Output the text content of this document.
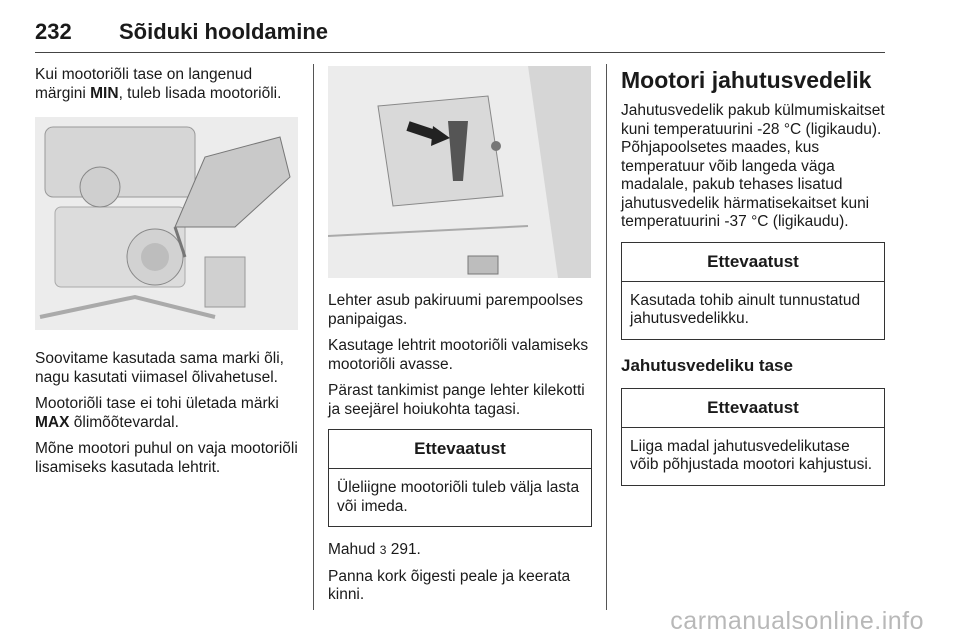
232 Sõiduki hooldamine

Kui mootoriõli tase on langenud märgini MIN, tuleb lisada mootoriõli.

Soovitame kasutada sama marki õli, nagu kasutati viimasel õlivahetusel.

Mootoriõli tase ei tohi ületada märki MAX õlimõõtevardal.

Mõne mootori puhul on vaja mootoriõli lisamiseks kasutada lehtrit.

Lehter asub pakiruumi parempoolses panipaigas.

Kasutage lehtrit mootoriõli valamiseks mootoriõli avasse.

Pärast tankimist pange lehter kilekotti ja seejärel hoiukohta tagasi.

Ettevaatust
Üleliigne mootoriõli tuleb välja lasta või imeda.

Mahud 3 291.

Panna kork õigesti peale ja keerata kinni.

Mootori jahutusvedelik

Jahutusvedelik pakub külmumiskaitset kuni temperatuurini -28 °C (ligikaudu). Põhjapoolsetes maades, kus temperatuur võib langeda väga madalale, pakub tehases lisatud jahutusvedelik härmatisekaitset kuni temperatuurini -37 °C (ligikaudu).

Ettevaatust
Kasutada tohib ainult tunnustatud jahutusvedelikku.
Jahutusvedeliku tase
Ettevaatust
Liiga madal jahutusvedelikutase võib põhjustada mootori kahjustusi.
carmanualsonline.info
